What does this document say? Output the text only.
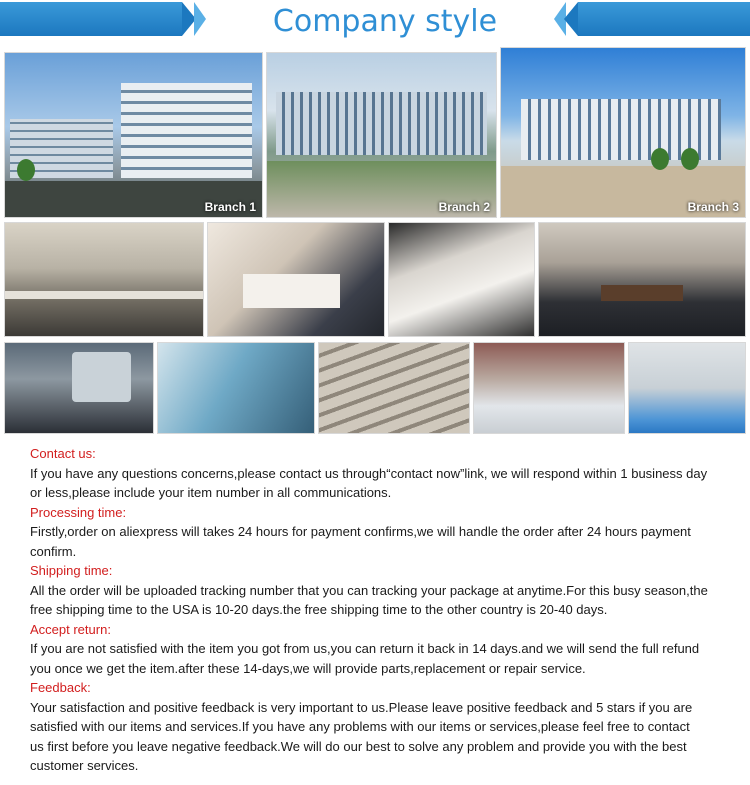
Company style
Branch 1	Branch 2	Branch 3
Contact us:
If you have any questions concerns,please contact us through“contact now”link, we will respond within 1 business day
or less,please include your item number in all communications.
Processing time:
Firstly,order on aliexpress will takes 24 hours for payment confirms,we will handle the order after 24 hours payment
confirm.
Shipping time:
All the order will be uploaded tracking number that you can tracking your package at anytime.For this busy season,the
free shipping time to the USA is 10-20 days.the free shipping time to the other country is 20-40 days.
Accept return:
If you are not satisfied with the item you got from us,you can return it back in 14 days.and we will send the full refund
you once we get the item.after these 14-days,we will provide parts,replacement or repair service.
Feedback:
Your satisfaction and positive feedback is very important to us.Please leave positive feedback and 5 stars if you are
satisfied with our items and services.If you have any problems with our items or services,please feel free to contact
us first before you leave negative feedback.We will do our best to solve any problem and provide you with the best
customer services.
